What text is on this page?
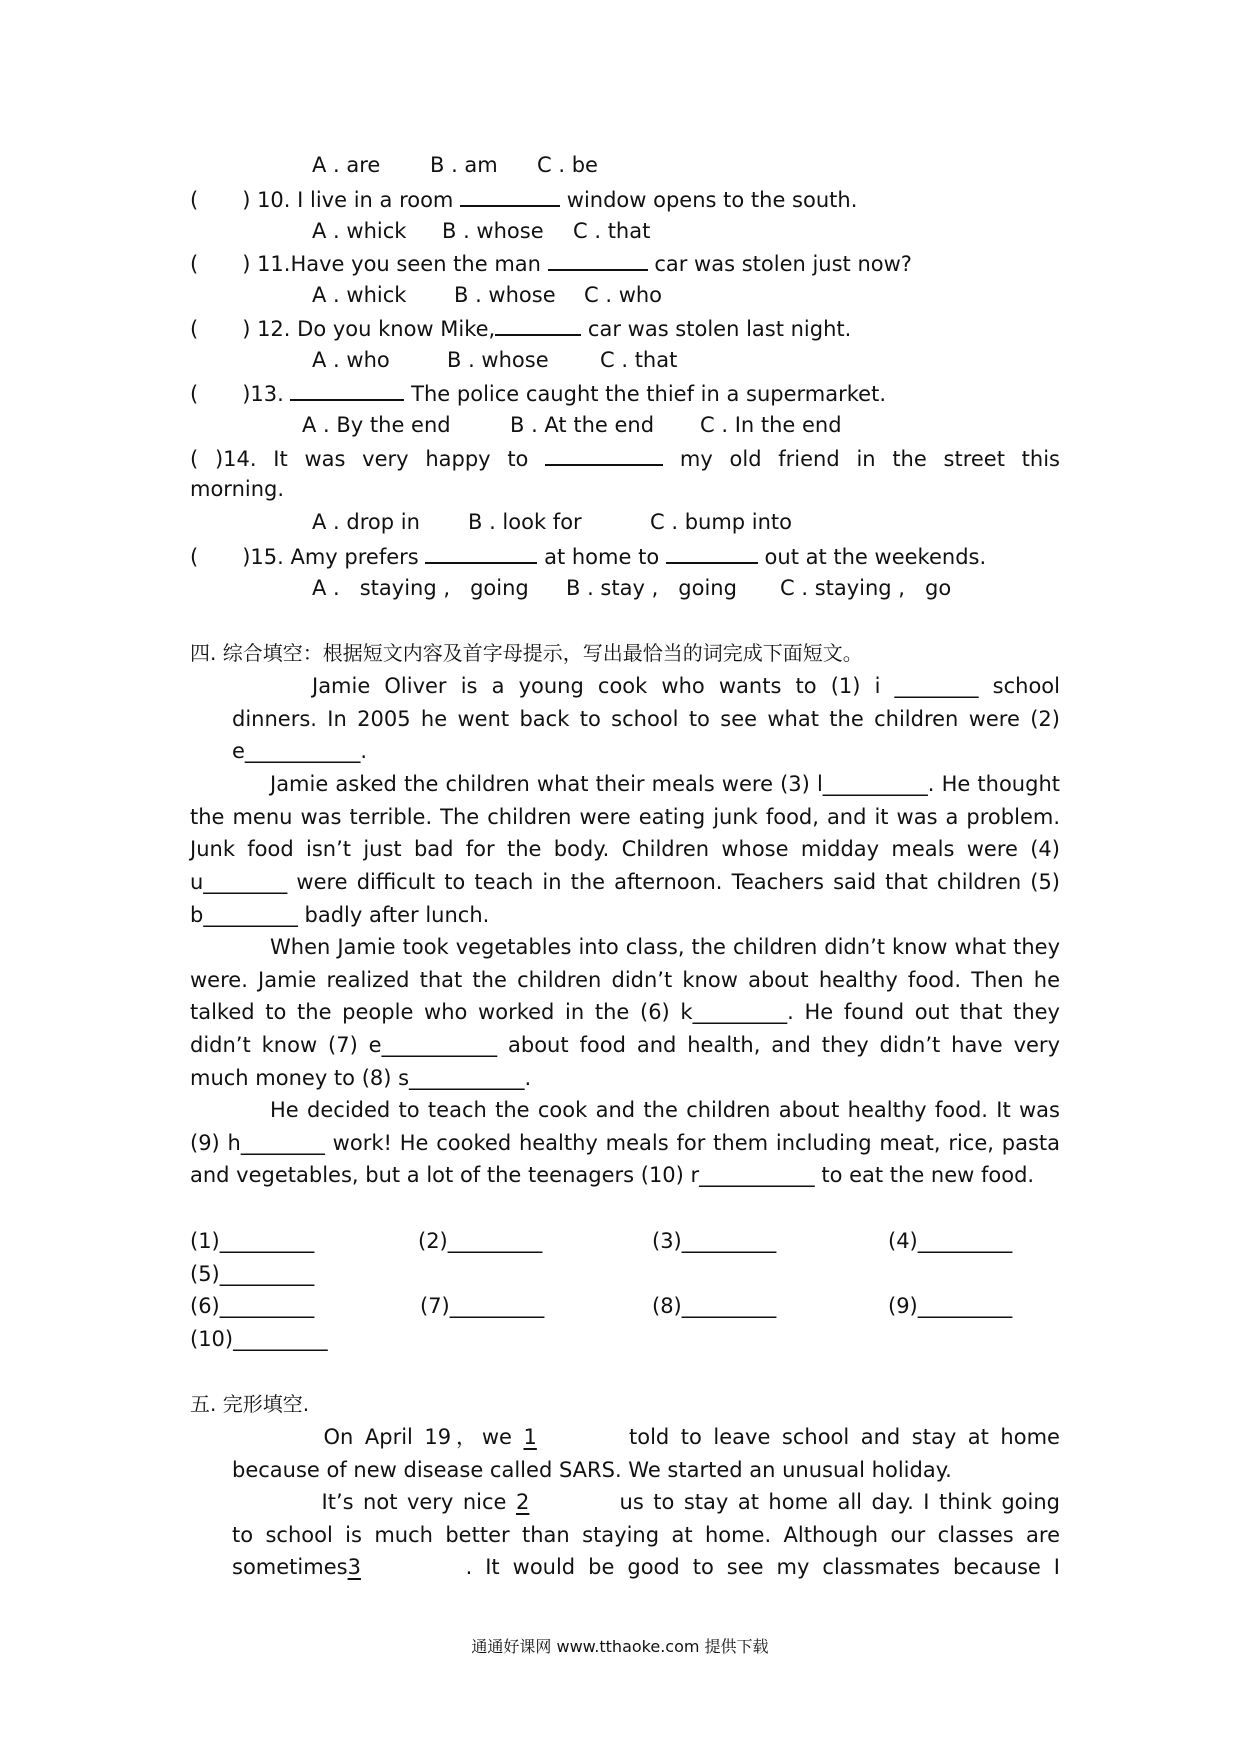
A . are B . am C . be
( ) 10. I live in a room	window opens to the south.
A . whick B . whose C . that
( ) 11.Have you seen the man	car was stolen just now?
A . whick B . whose C . who
( ) 12. Do you know Mike,	car was stolen last night.
A . who	B . whose C . that
( )13.	The police caught the thief in a supermarket.
A . By the end	B . At the end C . In the end
( )14. It was very happy to	my old friend in the street this
morning.
A . drop in B . look for	C . bump into
( )15. Amy prefers	at home to	out at the weekends.
A .   staying ,   going B . stay ,   going C . staying ,   go
四. 综合填空：根据短文内容及首字母提示，写出最恰当的词完成下面短文。
Jamie Oliver is a young cook who wants to (1) i ________ school dinners. In 2005 he went back to school to see what the children were (2) e___________.
Jamie asked the children what their meals were (3) l__________. He thought the menu was terrible. The children were eating junk food, and it was a problem. Junk food isn’t just bad for the body. Children whose midday meals were (4) u________ were difficult to teach in the afternoon. Teachers said that children (5) b_________ badly after lunch.
When Jamie took vegetables into class, the children didn’t know what they were. Jamie realized that the children didn’t know about healthy food. Then he talked to the people who worked in the (6) k_________. He found out that they didn’t know (7) e___________ about food and health, and they didn’t have very much money to (8) s___________.
He decided to teach the cook and the children about healthy food. It was (9) h________ work! He cooked healthy meals for them including meat, rice, pasta and vegetables, but a lot of the teenagers (10) r___________ to eat the new food.
(1)_________	(2)_________	(3)_________	(4)_________
(5)_________
(6)_________	(7)_________	(8)_________	(9)_________
(10)_________
五. 完形填空.
On April 19，we 1	told to leave school and stay at home
because of new disease called SARS. We started an unusual holiday.
It’s not very nice 2	us to stay at home all day. I think going
to school is much better than staying at home. Although our classes are
sometimes3	. It would be good to see my classmates because I
通通好课网 www.tthaoke.com 提供下载
